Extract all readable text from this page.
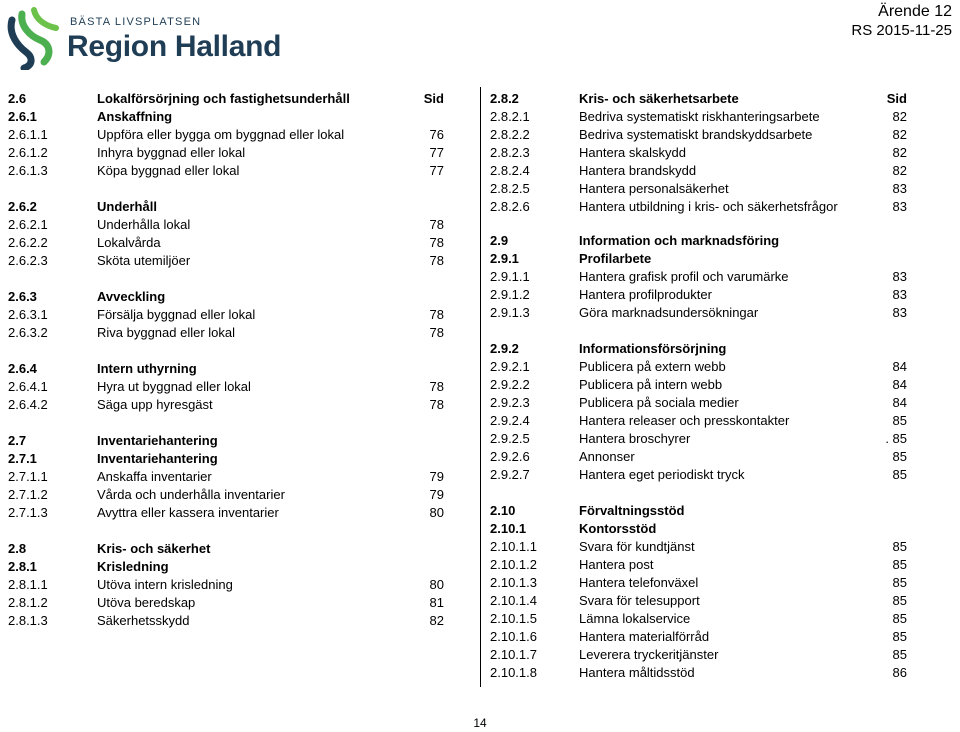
BÄSTA LIVSPLATSEN
Region Halland
Ärende 12
RS 2015-11-25
2.6	Lokalförsörjning och fastighetsunderhåll	Sid
2.6.1	Anskaffning
2.6.1.1	Uppföra eller bygga om byggnad eller lokal	76
2.6.1.2	Inhyra byggnad eller lokal	77
2.6.1.3	Köpa byggnad eller lokal	77
2.6.2	Underhåll
2.6.2.1	Underhålla lokal	78
2.6.2.2	Lokalvårda	78
2.6.2.3	Sköta utemiljöer	78
2.6.3	Avveckling
2.6.3.1	Försälja byggnad eller lokal	78
2.6.3.2	Riva byggnad eller lokal	78
2.6.4	Intern uthyrning
2.6.4.1	Hyra ut byggnad eller lokal	78
2.6.4.2	Säga upp hyresgäst	78
2.7	Inventariehantering
2.7.1	Inventariehantering
2.7.1.1	Anskaffa inventarier	79
2.7.1.2	Vårda och underhålla inventarier	79
2.7.1.3	Avyttra eller kassera inventarier	80
2.8	Kris- och säkerhet
2.8.1	Krisledning
2.8.1.1	Utöva intern krisledning	80
2.8.1.2	Utöva beredskap	81
2.8.1.3	Säkerhetsskydd	82
2.8.2	Kris- och säkerhetsarbete	Sid
2.8.2.1	Bedriva systematiskt riskhanteringsarbete	82
2.8.2.2	Bedriva systematiskt brandskyddsarbete	82
2.8.2.3	Hantera skalskydd	82
2.8.2.4	Hantera brandskydd	82
2.8.2.5	Hantera personalsäkerhet	83
2.8.2.6	Hantera utbildning i kris- och säkerhetsfrågor	83
2.9	Information och marknadsföring
2.9.1	Profilarbete
2.9.1.1	Hantera grafisk profil och varumärke	83
2.9.1.2	Hantera profilprodukter	83
2.9.1.3	Göra marknadsundersökningar	83
2.9.2	Informationsförsörjning
2.9.2.1	Publicera på extern webb	84
2.9.2.2	Publicera på intern webb	84
2.9.2.3	Publicera på sociala medier	84
2.9.2.4	Hantera releaser och presskontakter	85
2.9.2.5	Hantera broschyrer	. 85
2.9.2.6	Annonser	85
2.9.2.7	Hantera eget periodiskt tryck	85
2.10	Förvaltningsstöd
2.10.1	Kontorsstöd
2.10.1.1	Svara för kundtjänst	85
2.10.1.2	Hantera post	85
2.10.1.3	Hantera telefonväxel	85
2.10.1.4	Svara för telesupport	85
2.10.1.5	Lämna lokalservice	85
2.10.1.6	Hantera materialförråd	85
2.10.1.7	Leverera tryckeritjänster	85
2.10.1.8	Hantera måltidsstöd	86
14
